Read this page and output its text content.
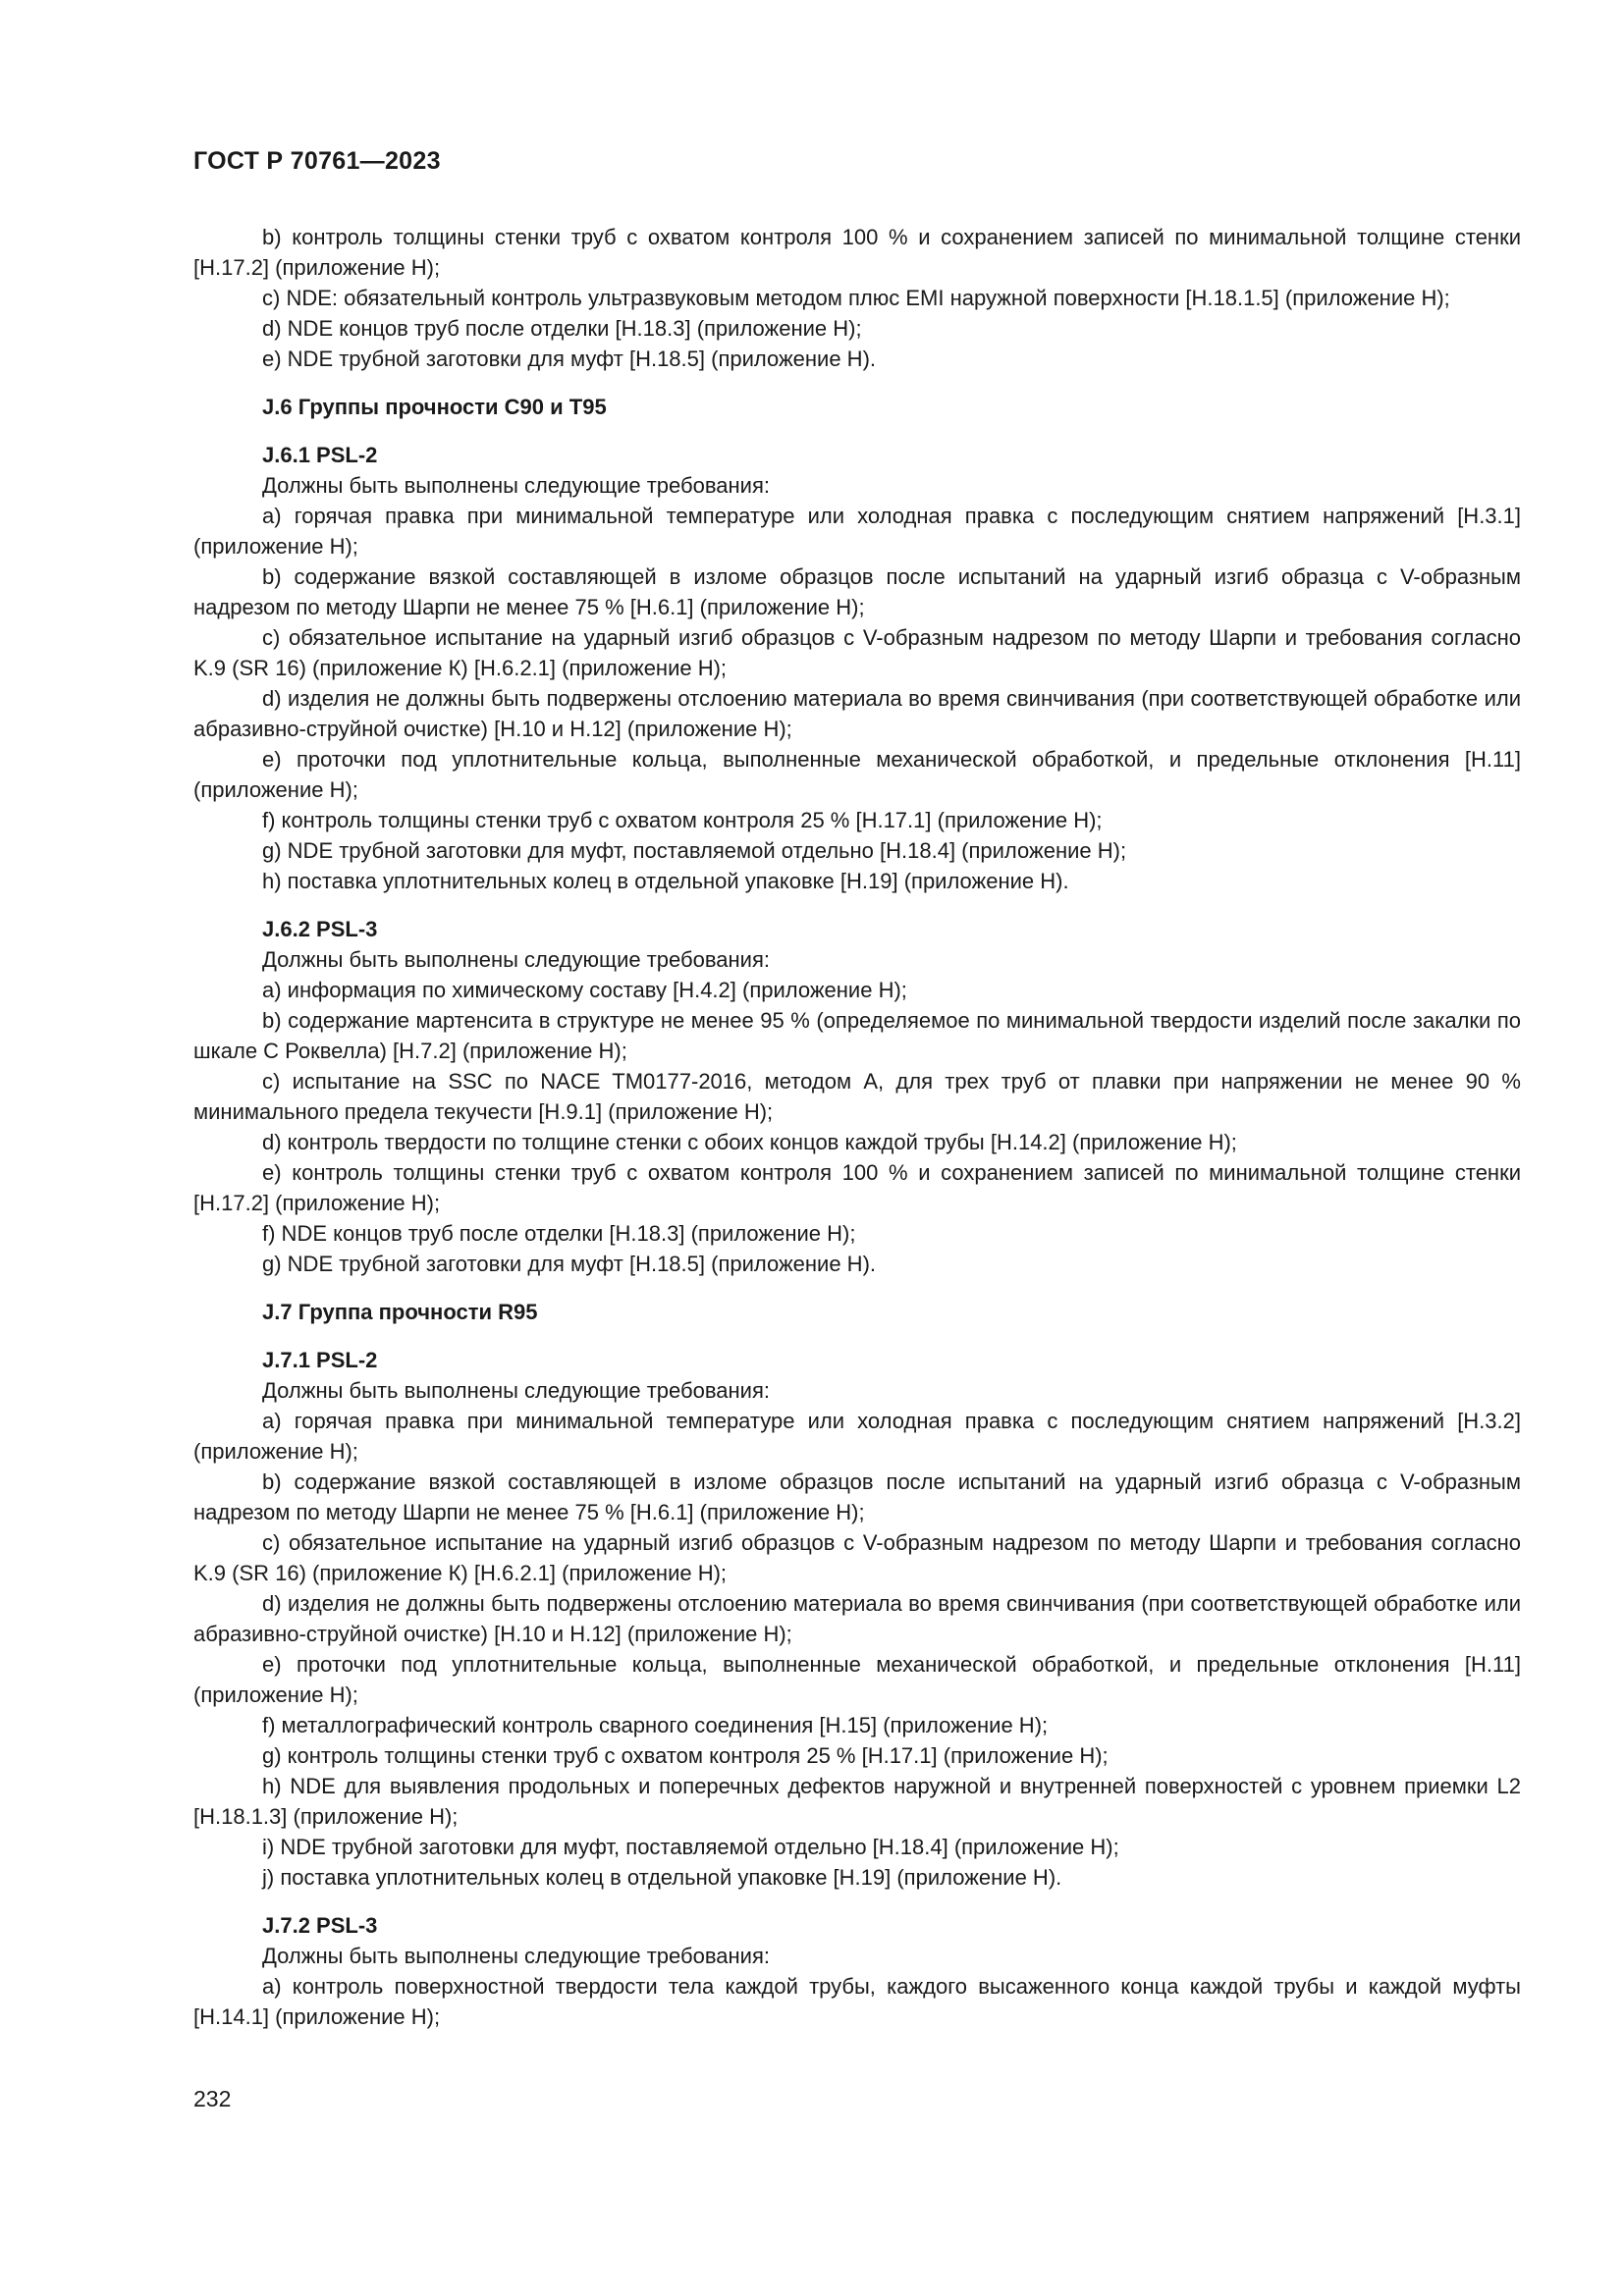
ГОСТ Р 70761—2023

b) контроль толщины стенки труб с охватом контроля 100 % и сохранением записей по минимальной толщине стенки [H.17.2] (приложение Н);

c) NDE: обязательный контроль ультразвуковым методом плюс EMI наружной поверхности [H.18.1.5] (приложение Н);

d) NDE концов труб после отделки [H.18.3] (приложение Н);

e) NDE трубной заготовки для муфт [H.18.5] (приложение Н).

J.6 Группы прочности С90 и Т95

J.6.1 PSL-2

Должны быть выполнены следующие требования:

a) горячая правка при минимальной температуре или холодная правка с последующим снятием напряжений [H.3.1] (приложение Н);

b) содержание вязкой составляющей в изломе образцов после испытаний на ударный изгиб образца с V-образным надрезом по методу Шарпи не менее 75 % [H.6.1] (приложение Н);

c) обязательное испытание на ударный изгиб образцов с V-образным надрезом по методу Шарпи и требования согласно K.9 (SR 16) (приложение К) [H.6.2.1] (приложение Н);

d) изделия не должны быть подвержены отслоению материала во время свинчивания (при соответствующей обработке или абразивно-струйной очистке) [H.10 и H.12] (приложение Н);

e) проточки под уплотнительные кольца, выполненные механической обработкой, и предельные отклонения [H.11] (приложение Н);

f) контроль толщины стенки труб с охватом контроля 25 % [H.17.1] (приложение Н);

g) NDE трубной заготовки для муфт, поставляемой отдельно [H.18.4] (приложение Н);

h) поставка уплотнительных колец в отдельной упаковке [H.19] (приложение Н).

J.6.2 PSL-3

Должны быть выполнены следующие требования:

a) информация по химическому составу [H.4.2] (приложение Н);

b) содержание мартенсита в структуре не менее 95 % (определяемое по минимальной твердости изделий после закалки по шкале С Роквелла) [H.7.2] (приложение Н);

c) испытание на SSC по NACE TM0177-2016, методом А, для трех труб от плавки при напряжении не менее 90 % минимального предела текучести [H.9.1] (приложение Н);

d) контроль твердости по толщине стенки с обоих концов каждой трубы [H.14.2] (приложение Н);

e) контроль толщины стенки труб с охватом контроля 100 % и сохранением записей по минимальной толщине стенки [H.17.2] (приложение Н);

f) NDE концов труб после отделки [H.18.3] (приложение Н);

g) NDE трубной заготовки для муфт [H.18.5] (приложение Н).

J.7 Группа прочности R95

J.7.1 PSL-2

Должны быть выполнены следующие требования:

a) горячая правка при минимальной температуре или холодная правка с последующим снятием напряжений [H.3.2] (приложение Н);

b) содержание вязкой составляющей в изломе образцов после испытаний на ударный изгиб образца с V-образным надрезом по методу Шарпи не менее 75 % [H.6.1] (приложение Н);

c) обязательное испытание на ударный изгиб образцов с V-образным надрезом по методу Шарпи и требования согласно K.9 (SR 16) (приложение К) [H.6.2.1] (приложение Н);

d) изделия не должны быть подвержены отслоению материала во время свинчивания (при соответствующей обработке или абразивно-струйной очистке) [H.10 и H.12] (приложение Н);

e) проточки под уплотнительные кольца, выполненные механической обработкой, и предельные отклонения [H.11] (приложение Н);

f) металлографический контроль сварного соединения [H.15] (приложение Н);

g) контроль толщины стенки труб с охватом контроля 25 % [H.17.1] (приложение Н);

h) NDE для выявления продольных и поперечных дефектов наружной и внутренней поверхностей с уровнем приемки L2 [H.18.1.3] (приложение Н);

i) NDE трубной заготовки для муфт, поставляемой отдельно [H.18.4] (приложение Н);

j) поставка уплотнительных колец в отдельной упаковке [H.19] (приложение Н).

J.7.2 PSL-3

Должны быть выполнены следующие требования:

a) контроль поверхностной твердости тела каждой трубы, каждого высаженного конца каждой трубы и каждой муфты [H.14.1] (приложение Н);

232
